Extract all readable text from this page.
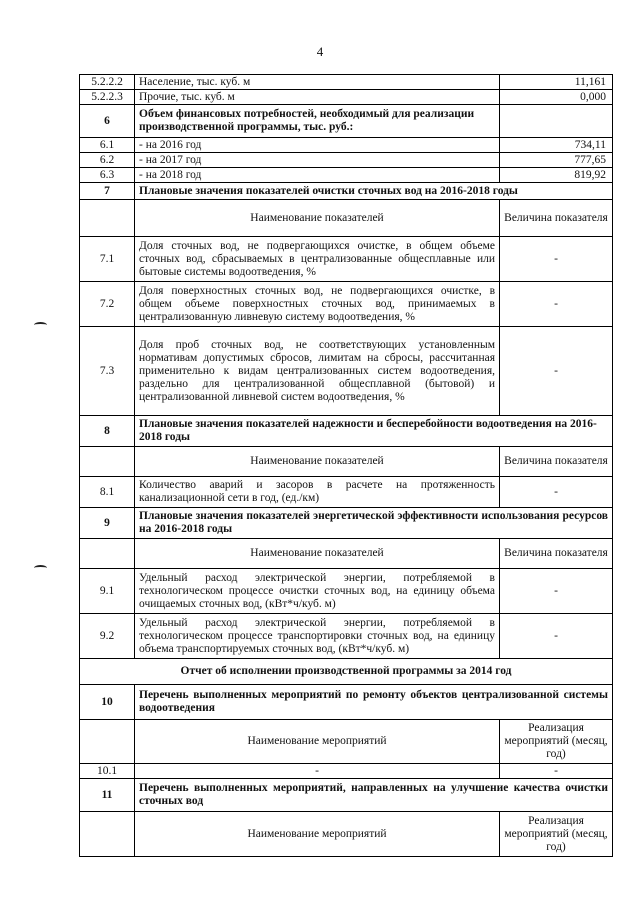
4
5.2.2.2	Население, тыс. куб. м	11,161
5.2.2.3	Прочие, тыс. куб. м	0,000
6	Объем финансовых потребностей, необходимый для реализации производственной программы, тыс. руб.:	
6.1	- на 2016 год	734,11
6.2	- на 2017 год	777,65
6.3	- на 2018 год	819,92
7	Плановые значения показателей очистки сточных вод на 2016-2018 годы	
	Наименование показателей	Величина показателя
7.1	Доля сточных вод, не подвергающихся очистке, в общем объеме сточных вод, сбрасываемых в централизованные общесплавные или бытовые системы водоотведения, %	-
7.2	Доля поверхностных сточных вод, не подвергающихся очистке, в общем объеме поверхностных сточных вод, принимаемых в централизованную ливневую систему водоотведения, %	-
7.3	Доля проб сточных вод, не соответствующих установленным нормативам допустимых сбросов, лимитам на сбросы, рассчитанная применительно к видам централизованных систем водоотведения, раздельно для централизованной общесплавной (бытовой) и централизованной ливневой систем водоотведения, %	-
8	Плановые значения показателей надежности и бесперебойности водоотведения на 2016-2018 годы	
	Наименование показателей	Величина показателя
8.1	Количество аварий и засоров в расчете на протяженность канализационной сети в год, (ед./км)	-
9	Плановые значения показателей энергетической эффективности использования ресурсов на 2016-2018 годы	
	Наименование показателей	Величина показателя
9.1	Удельный расход электрической энергии, потребляемой в технологическом процессе очистки сточных вод, на единицу объема очищаемых сточных вод, (кВт*ч/куб. м)	-
9.2	Удельный расход электрической энергии, потребляемой в технологическом процессе транспортировки сточных вод, на единицу объема транспортируемых сточных вод, (кВт*ч/куб. м)	-
Отчет об исполнении производственной программы за 2014 год		
10	Перечень выполненных мероприятий по ремонту объектов централизованной системы водоотведения	
	Наименование мероприятий	Реализация мероприятий (месяц, год)
10.1	-	-
11	Перечень выполненных мероприятий, направленных на улучшение качества очистки сточных вод	
	Наименование мероприятий	Реализация мероприятий (месяц, год)
